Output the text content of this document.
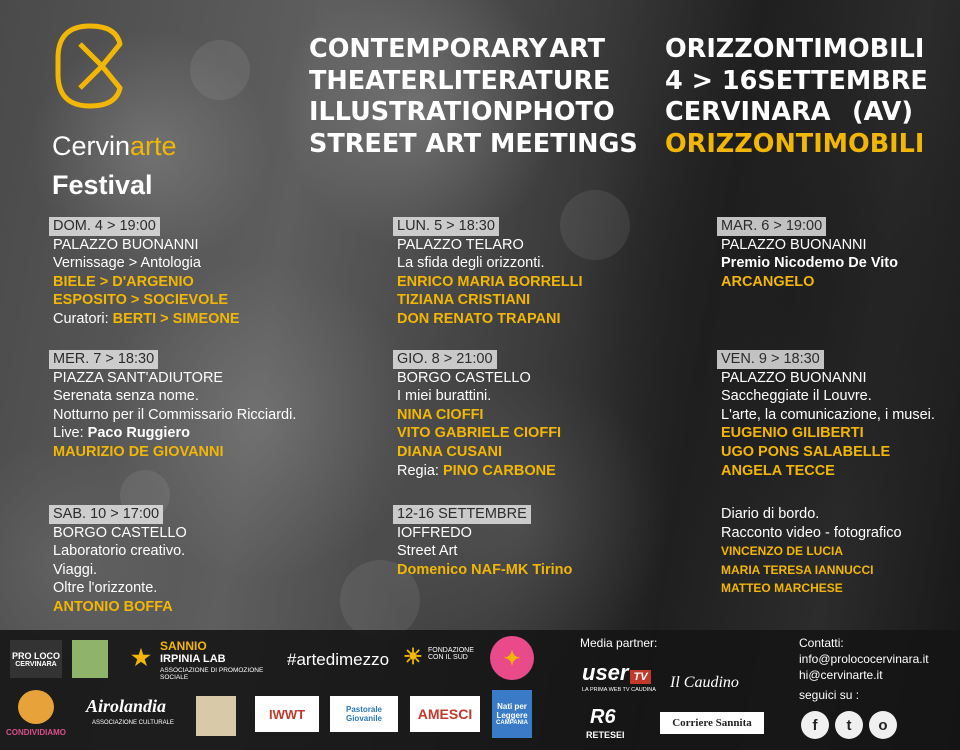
Cervinarte
Festival
CONTEMPORARY ART
THEATER LITERATURE
ILLUSTRATION PHOTO
STREET ART MEETINGS
ORIZZONTIMOBILI
4 > 16 SETTEMBRE
CERVINARA (AV)
ORIZZONTIMOBILI
DOM. 4 > 19:00
PALAZZO BUONANNI
Vernissage > Antologia
BIELE > D'ARGENIO
ESPOSITO > SOCIEVOLE
Curatori: BERTI > SIMEONE
MER. 7 > 18:30
PIAZZA SANT'ADIUTORE
Serenata senza nome.
Notturno per il Commissario Ricciardi.
Live: Paco Ruggiero
MAURIZIO DE GIOVANNI
SAB. 10 > 17:00
BORGO CASTELLO
Laboratorio creativo.
Viaggi.
Oltre l'orizzonte.
ANTONIO BOFFA
LUN. 5 > 18:30
PALAZZO TELARO
La sfida degli orizzonti.
ENRICO MARIA BORRELLI
TIZIANA CRISTIANI
DON RENATO TRAPANI
GIO. 8 > 21:00
BORGO CASTELLO
I miei burattini.
NINA CIOFFI
VITO GABRIELE CIOFFI
DIANA CUSANI
Regia: PINO CARBONE
12-16 SETTEMBRE
IOFFREDO
Street Art
Domenico NAF-MK Tirino
MAR. 6 > 19:00
PALAZZO BUONANNI
Premio Nicodemo De Vito
ARCANGELO
VEN. 9 > 18:30
PALAZZO BUONANNI
Saccheggiate il Louvre.
L'arte, la comunicazione, i musei.
EUGENIO GILIBERTI
UGO PONS SALABELLE
ANGELA TECCE
Diario di bordo.
Racconto video - fotografico
VINCENZO DE LUCIA
MARIA TERESA IANNUCCI
MATTEO MARCHESE
PRO LOCO
CERVINARA	★ SANNIO
IRPINIA LAB
ASSOCIAZIONE DI PROMOZIONE SOCIALE
#artedimezzo ☀ FONDAZIONE CON IL SUD	✦
CONDIVIDIAMO
Airolandia
ASSOCIAZIONE CULTURALE
IWWT	Pastorale Giovanile	AMESCI	Nati per Leggere
CAMPANIA
Media partner:
user TV
LA PRIMA WEB TV CAUDINA Il Caudino
R6
RETESEI
Corriere Sannita
Contatti:
info@prolococervinara.it
hi@cervinarte.it
seguici su :
f	t	o
